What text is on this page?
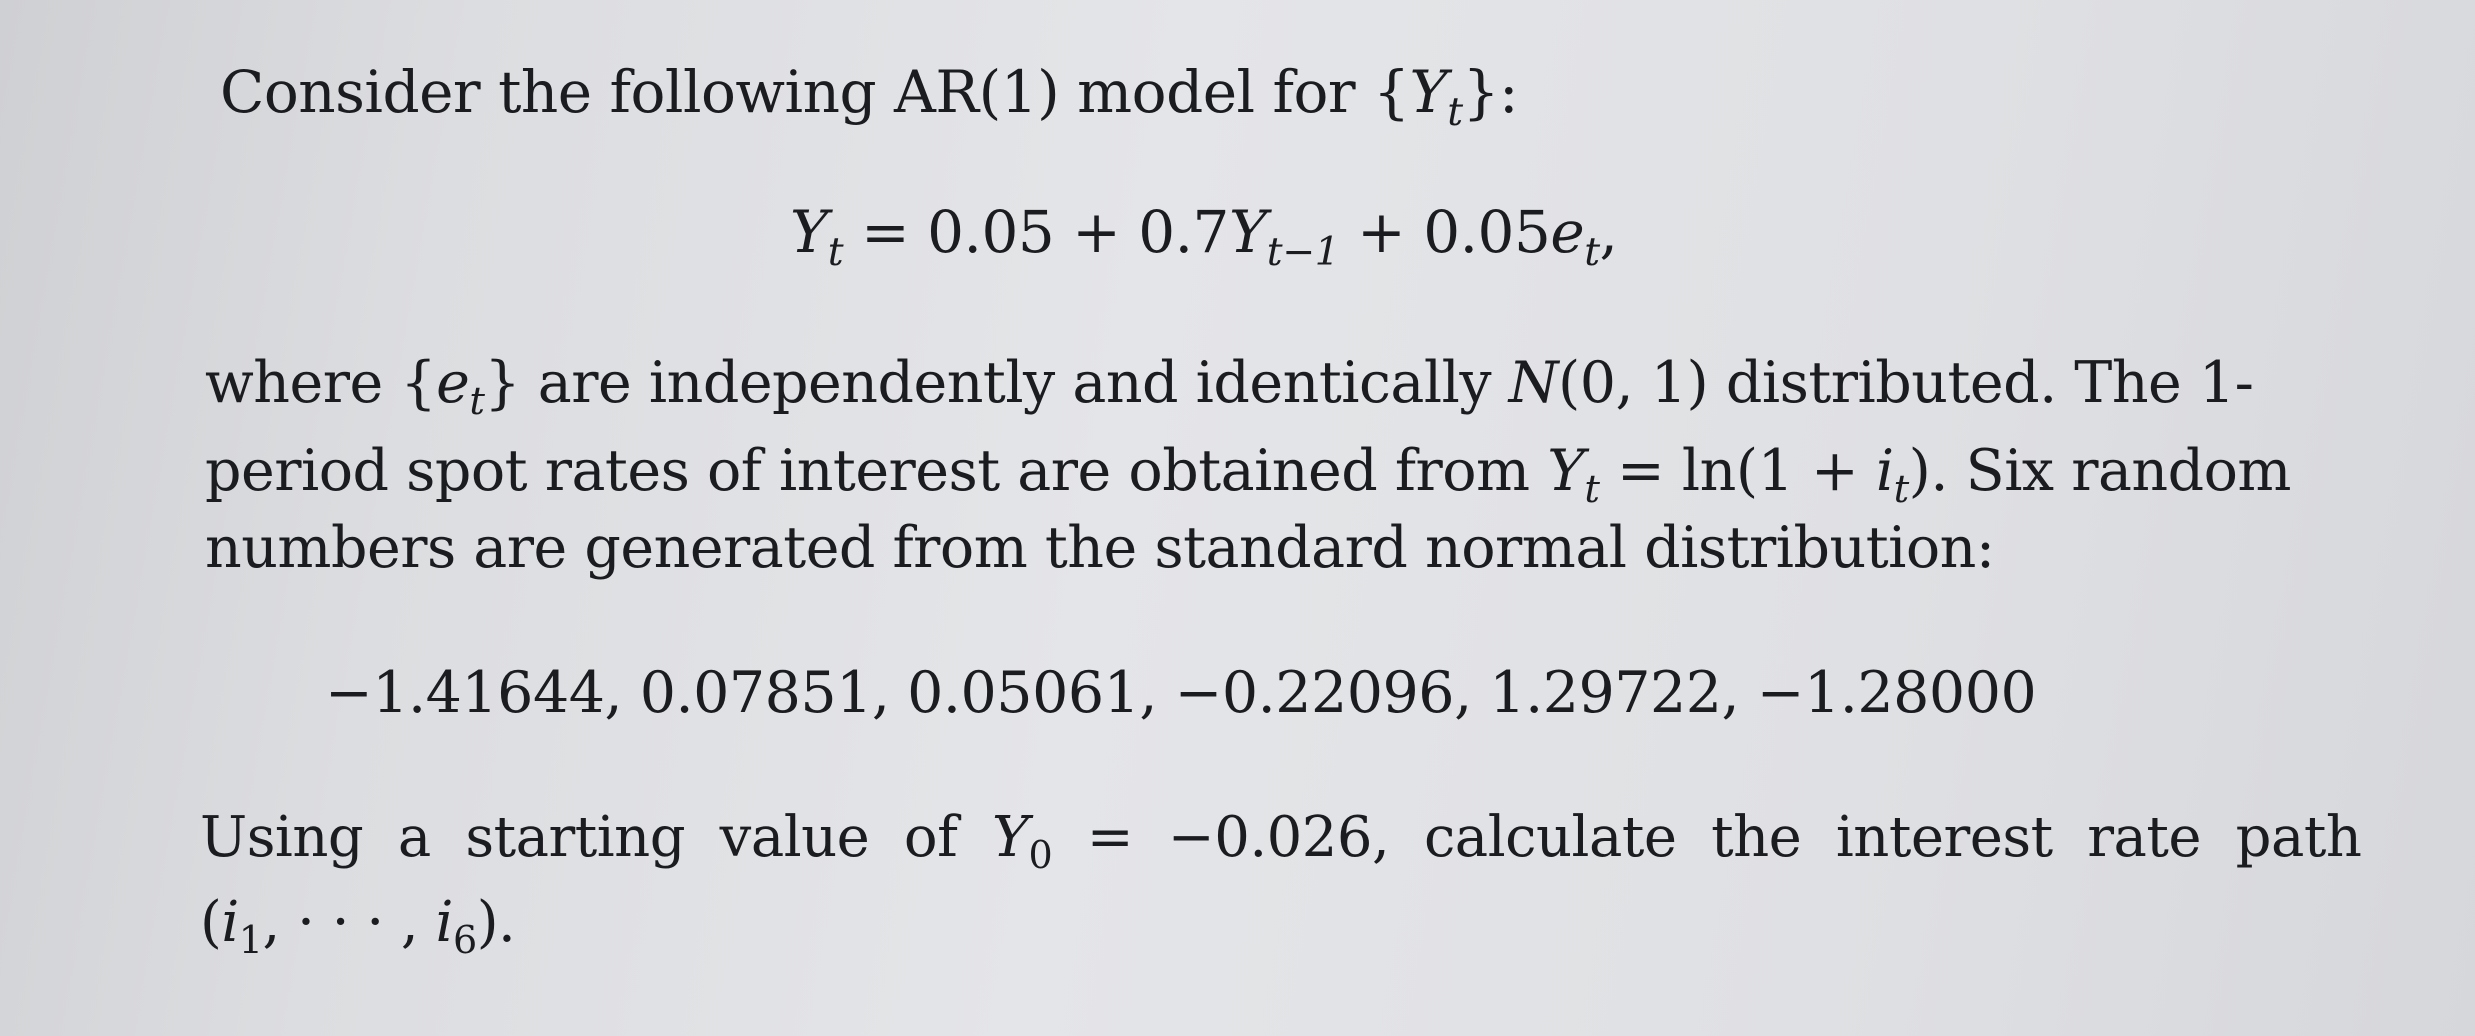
Consider the following AR(1) model for $\{Y_t\}$:
$Y_t = 0.05 + 0.7Y_{t-1} + 0.05e_t$,
where $\{e_t\}$ are independently and identically N(0, 1) distributed. The 1-
period spot rates of interest are obtained from $Y_t = \ln(1 + i_t)$. Six random
numbers are generated from the standard normal distribution:
−1.41644, 0.07851, 0.05061, −0.22096, 1.29722, −1.28000
Using  a  starting  value  of  $Y_0 = -0.026$,  calculate  the  interest  rate  path
($i_1$, · · · , $i_6$).
